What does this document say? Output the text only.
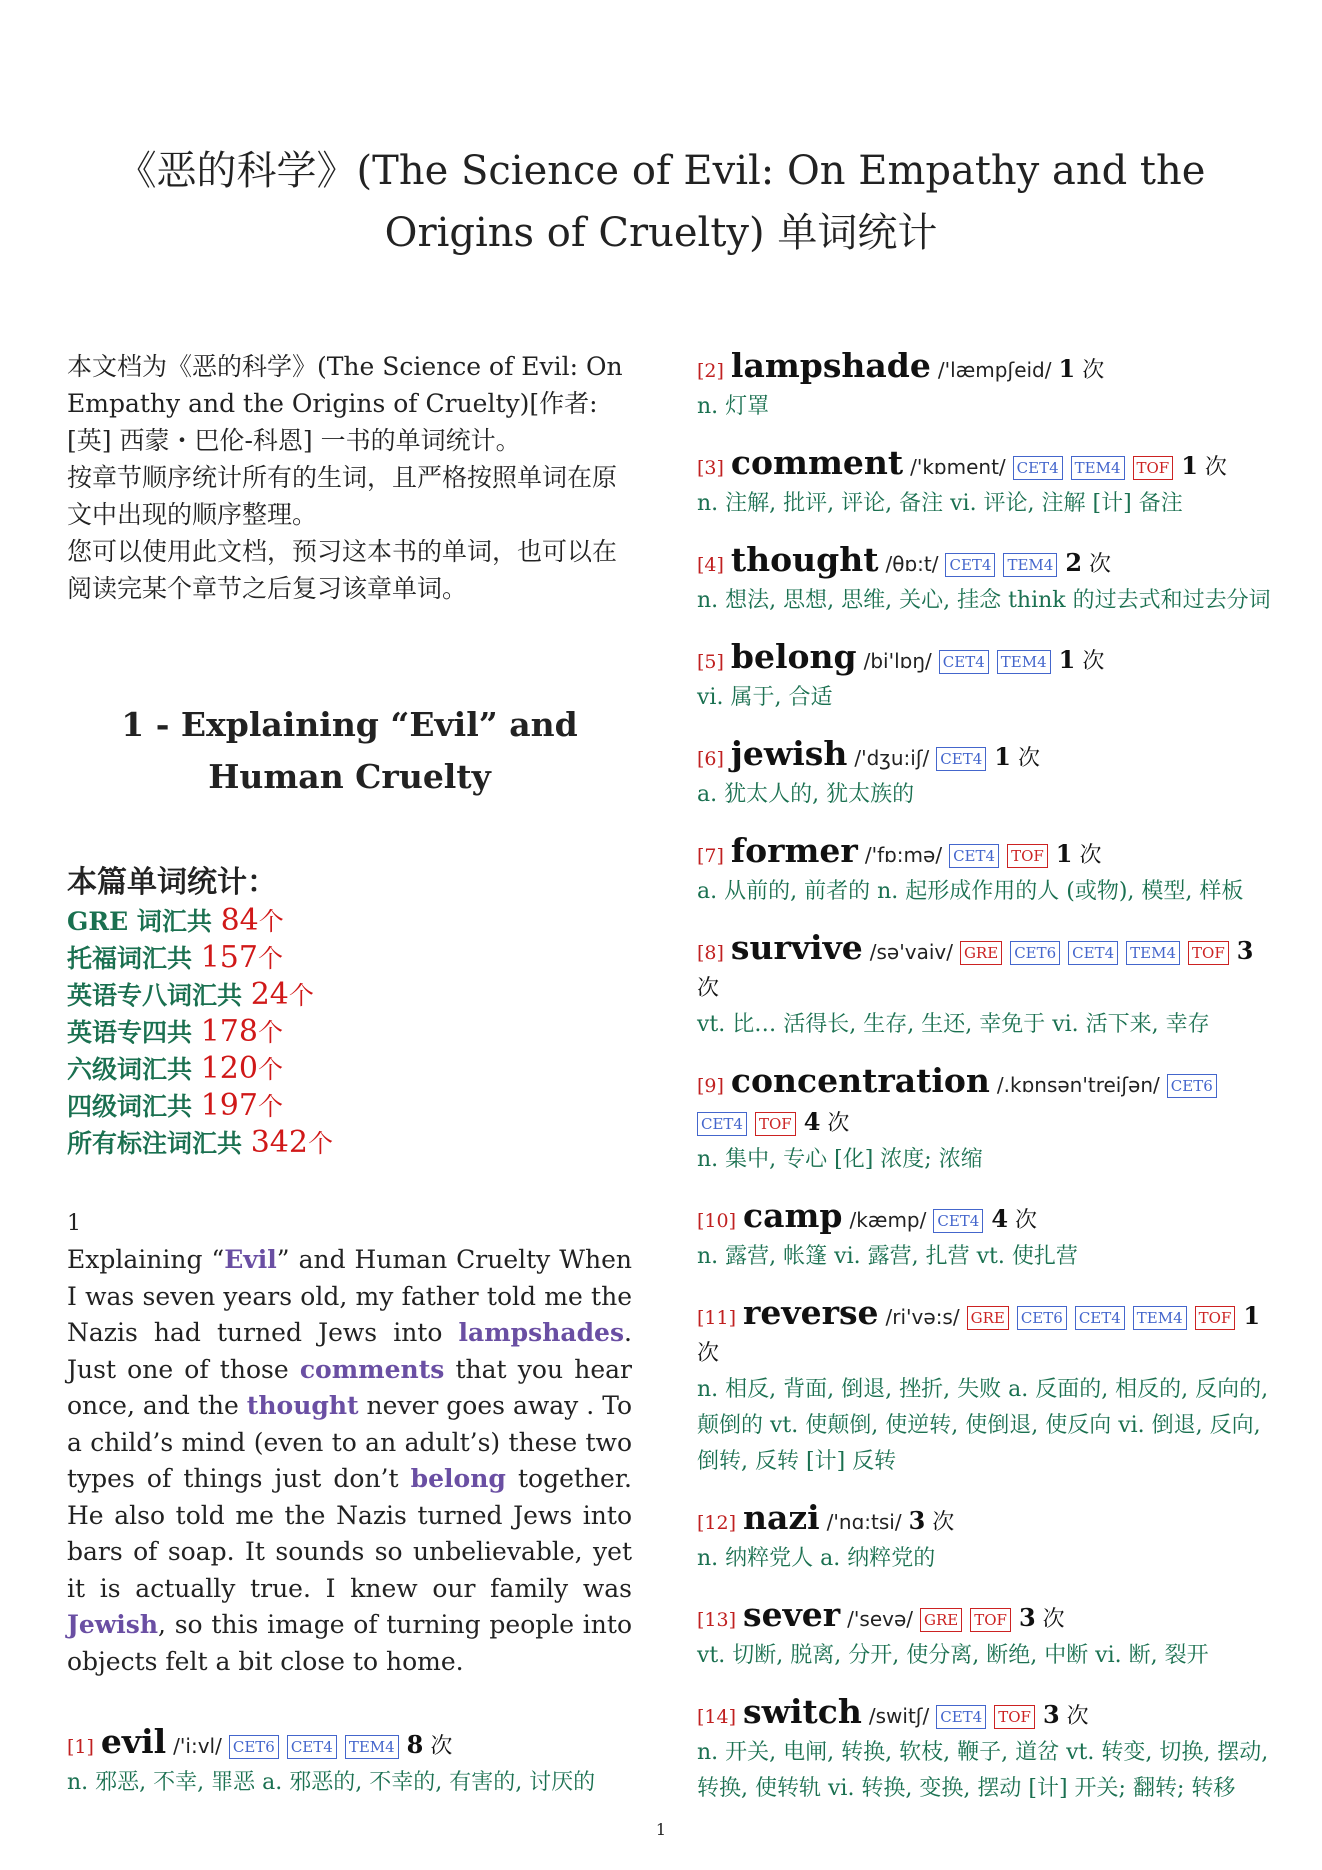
《恶的科学》(The Science of Evil: On Empathy and the Origins of Cruelty) 单词统计

本文档为《恶的科学》(The Science of Evil: On Empathy and the Origins of Cruelty)[作者: [英] 西蒙・巴伦-科恩] 一书的单词统计。

按章节顺序统计所有的生词，且严格按照单词在原文中出现的顺序整理。

您可以使用此文档，预习这本书的单词，也可以在阅读完某个章节之后复习该章单词。

1 - Explaining “Evil” and
Human Cruelty
本篇单词统计：
GRE 词汇共 84个
托福词汇共 157个
英语专八词汇共 24个
英语专四共 178个
六级词汇共 120个
四级词汇共 197个
所有标注词汇共 342个
1
Explaining “Evil” and Human Cruelty When I was seven years old, my father told me the Nazis had turned Jews into lampshades. Just one of those comments that you hear once, and the thought never goes away . To a child’s mind (even to an adult’s) these two types of things just don’t belong together. He also told me the Nazis turned Jews into bars of soap. It sounds so unbelievable, yet it is actually true. I knew our family was Jewish, so this image of turning people into objects felt a bit close to home.
[1] evil /'i:vl/ CET6 CET4 TEM4 8 次
n. 邪恶, 不幸, 罪恶 a. 邪恶的, 不幸的, 有害的, 讨厌的
[2] lampshade /'læmpʃeid/ 1 次
n. 灯罩
[3] comment /'kɒment/ CET4 TEM4 TOF 1 次
n. 注解, 批评, 评论, 备注 vi. 评论, 注解 [计] 备注
[4] thought /θɒ:t/ CET4 TEM4 2 次
n. 想法, 思想, 思维, 关心, 挂念 think 的过去式和过去分词
[5] belong /bi'lɒŋ/ CET4 TEM4 1 次
vi. 属于, 合适
[6] jewish /'dʒu:iʃ/ CET4 1 次
a. 犹太人的, 犹太族的
[7] former /'fɒ:mə/ CET4 TOF 1 次
a. 从前的, 前者的 n. 起形成作用的人 (或物), 模型, 样板
[8] survive /sə'vaiv/ GRE CET6 CET4 TEM4 TOF 3 次
vt. 比… 活得长, 生存, 生还, 幸免于 vi. 活下来, 幸存
[9] concentration /.kɒnsən'treiʃən/ CET6 CET4 TOF 4 次
n. 集中, 专心 [化] 浓度; 浓缩
[10] camp /kæmp/ CET4 4 次
n. 露营, 帐篷 vi. 露营, 扎营 vt. 使扎营
[11] reverse /ri'və:s/ GRE CET6 CET4 TEM4 TOF 1 次
n. 相反, 背面, 倒退, 挫折, 失败 a. 反面的, 相反的, 反向的, 颠倒的 vt. 使颠倒, 使逆转, 使倒退, 使反向 vi. 倒退, 反向, 倒转, 反转 [计] 反转
[12] nazi /'nɑ:tsi/ 3 次
n. 纳粹党人 a. 纳粹党的
[13] sever /'sevə/ GRE TOF 3 次
vt. 切断, 脱离, 分开, 使分离, 断绝, 中断 vi. 断, 裂开
[14] switch /switʃ/ CET4 TOF 3 次
n. 开关, 电闸, 转换, 软枝, 鞭子, 道岔 vt. 转变, 切换, 摆动, 转换, 使转轨 vi. 转换, 变换, 摆动 [计] 开关; 翻转; 转移
1
